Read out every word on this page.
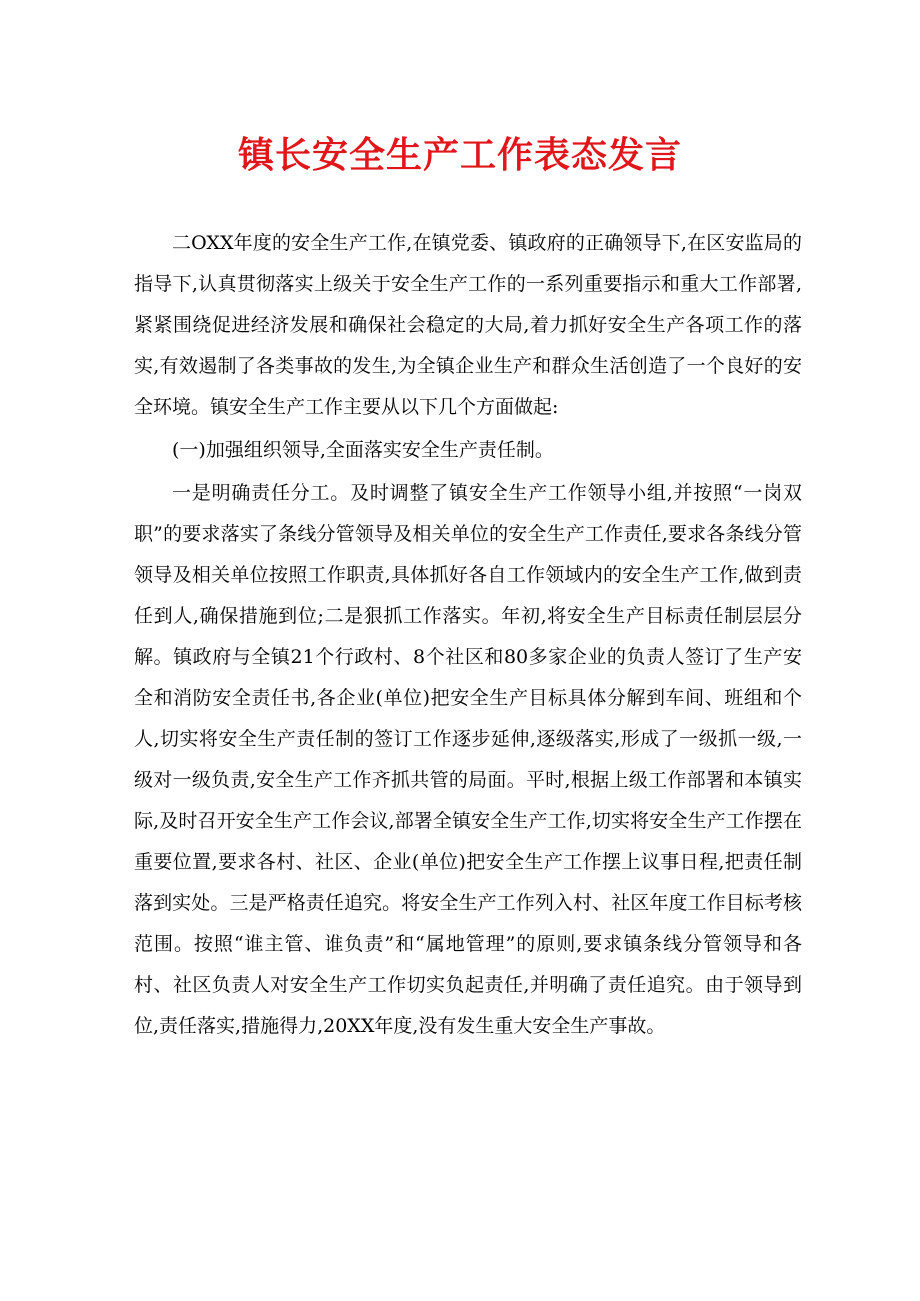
镇长安全生产工作表态发言

二OXX年度的安全生产工作,在镇党委、镇政府的正确领导下,在区安监局的指导下,认真贯彻落实上级关于安全生产工作的一系列重要指示和重大工作部署,紧紧围绕促进经济发展和确保社会稳定的大局,着力抓好安全生产各项工作的落实,有效遏制了各类事故的发生,为全镇企业生产和群众生活创造了一个良好的安全环境。镇安全生产工作主要从以下几个方面做起:

(一)加强组织领导,全面落实安全生产责任制。

一是明确责任分工。及时调整了镇安全生产工作领导小组,并按照“一岗双职”的要求落实了条线分管领导及相关单位的安全生产工作责任,要求各条线分管领导及相关单位按照工作职责,具体抓好各自工作领域内的安全生产工作,做到责任到人,确保措施到位;二是狠抓工作落实。年初,将安全生产目标责任制层层分解。镇政府与全镇21个行政村、8个社区和80多家企业的负责人签订了生产安全和消防安全责任书,各企业(单位)把安全生产目标具体分解到车间、班组和个人,切实将安全生产责任制的签订工作逐步延伸,逐级落实,形成了一级抓一级,一级对一级负责,安全生产工作齐抓共管的局面。平时,根据上级工作部署和本镇实际,及时召开安全生产工作会议,部署全镇安全生产工作,切实将安全生产工作摆在重要位置,要求各村、社区、企业(单位)把安全生产工作摆上议事日程,把责任制落到实处。三是严格责任追究。将安全生产工作列入村、社区年度工作目标考核范围。按照“谁主管、谁负责”和“属地管理”的原则,要求镇条线分管领导和各村、社区负责人对安全生产工作切实负起责任,并明确了责任追究。由于领导到位,责任落实,措施得力,20XX年度,没有发生重大安全生产事故。
